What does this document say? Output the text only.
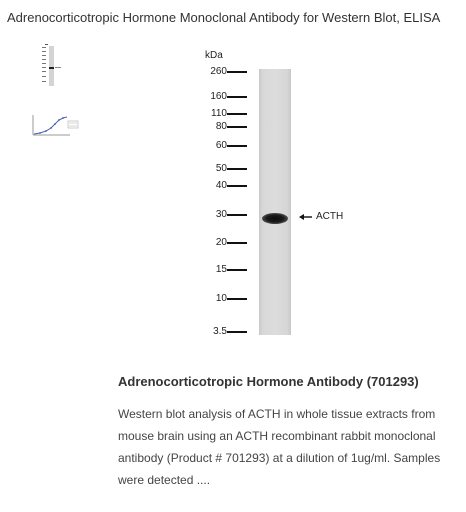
Adrenocorticotropic Hormone Monoclonal Antibody for Western Blot, ELISA
kDa
260
160
110
80
60
50
40
30
20
15
10
3.5
ACTH
Adrenocorticotropic Hormone Antibody (701293)
Western blot analysis of ACTH in whole tissue extracts from mouse brain using an ACTH recombinant rabbit monoclonal antibody (Product # 701293) at a dilution of 1ug/ml. Samples were detected ....
